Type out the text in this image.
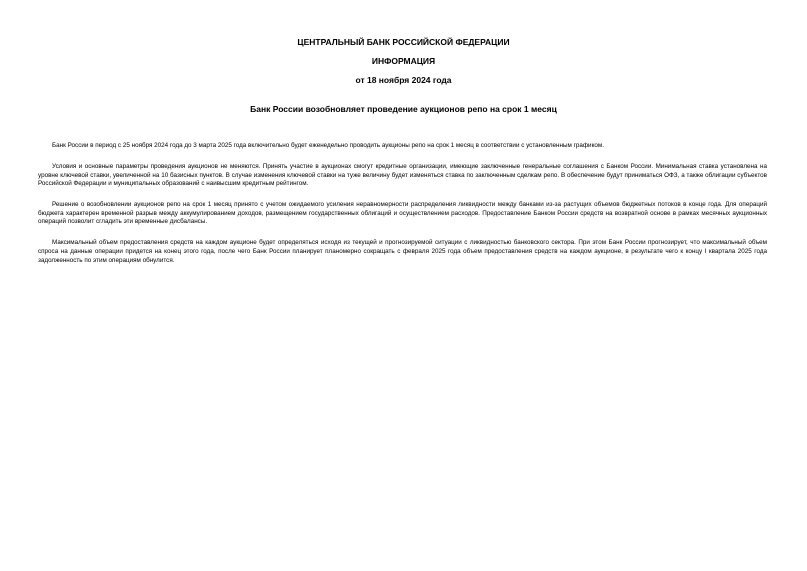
ЦЕНТРАЛЬНЫЙ БАНК РОССИЙСКОЙ ФЕДЕРАЦИИ
ИНФОРМАЦИЯ
от 18 ноября 2024 года
Банк России возобновляет проведение аукционов репо на срок 1 месяц

Банк России в период с 25 ноября 2024 года до 3 марта 2025 года включительно будет еженедельно проводить аукционы репо на срок 1 месяц в соответствии с установленным графиком.

Условия и основные параметры проведения аукционов не меняются. Принять участие в аукционах смогут кредитные организации, имеющие заключенные генеральные соглашения с Банком России. Минимальная ставка установлена на уровне ключевой ставки, увеличенной на 10 базисных пунктов. В случае изменения ключевой ставки на туже величину будет изменяться ставка по заключенным сделкам репо. В обеспечение будут приниматься ОФЗ, а также облигации субъектов Российской Федерации и муниципальных образований с наивысшим кредитным рейтингом.

Решение о возобновлении аукционов репо на срок 1 месяц принято с учетом ожидаемого усиления неравномерности распределения ликвидности между банками из-за растущих объемов бюджетных потоков в конце года. Для операций бюджета характерен временной разрыв между аккумулированием доходов, размещением государственных облигаций и осуществлением расходов. Предоставление Банком России средств на возвратной основе в рамках месячных аукционных операций позволит сгладить эти временные дисбалансы.

Максимальный объем предоставления средств на каждом аукционе будет определяться исходя из текущей и прогнозируемой ситуации с ликвидностью банковского сектора. При этом Банк России прогнозирует, что максимальный объем спроса на данные операции придется на конец этого года, после чего Банк России планирует планомерно сокращать с февраля 2025 года объем предоставления средств на каждом аукционе, в результате чего к концу I квартала 2025 года задолженность по этим операциям обнулится.
